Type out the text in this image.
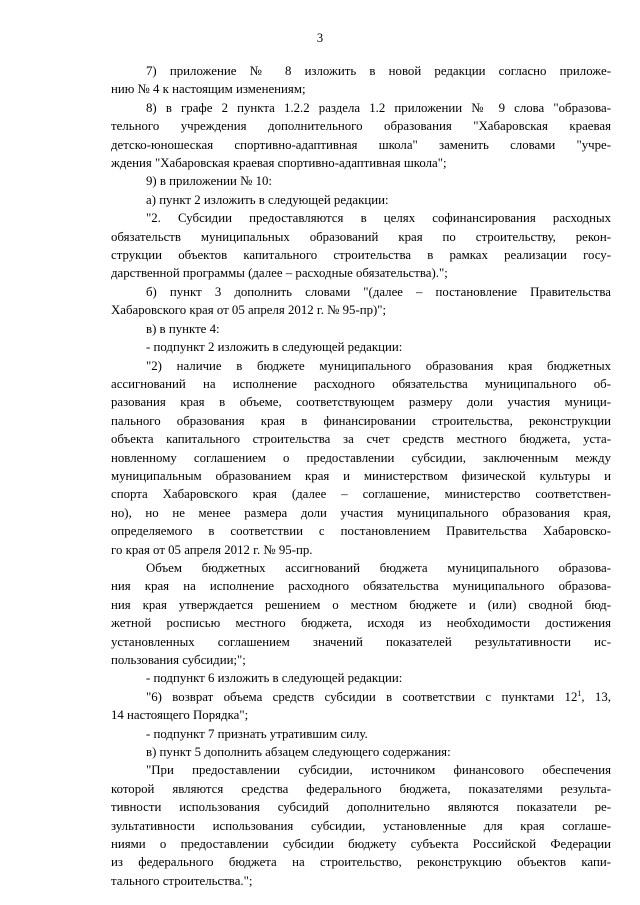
3
7) приложение № 8 изложить в новой редакции согласно приложе-
нию № 4 к настоящим изменениям;
8) в графе 2 пункта 1.2.2 раздела 1.2 приложении № 9 слова "образова-
тельного учреждения дополнительного образования "Хабаровская краевая
детско-юношеская спортивно-адаптивная школа" заменить словами "учре-
ждения "Хабаровская краевая спортивно-адаптивная школа";
9) в приложении № 10:
а) пункт 2 изложить в следующей редакции:
"2. Субсидии предоставляются в целях софинансирования расходных
обязательств муниципальных образований края по строительству, рекон-
струкции объектов капитального строительства в рамках реализации госу-
дарственной программы (далее – расходные обязательства).";
б) пункт 3 дополнить словами "(далее – постановление Правительства
Хабаровского края от 05 апреля 2012 г. № 95-пр)";
в) в пункте 4:
- подпункт 2 изложить в следующей редакции:
"2) наличие в бюджете муниципального образования края бюджетных
ассигнований на исполнение расходного обязательства муниципального об-
разования края в объеме, соответствующем размеру доли участия муници-
пального образования края в финансировании строительства, реконструкции
объекта капитального строительства за счет средств местного бюджета, уста-
новленному соглашением о предоставлении субсидии, заключенным между
муниципальным образованием края и министерством физической культуры и
спорта Хабаровского края (далее – соглашение, министерство соответствен-
но), но не менее размера доли участия муниципального образования края,
определяемого в соответствии с постановлением Правительства Хабаровско-
го края от 05 апреля 2012 г. № 95-пр.
Объем бюджетных ассигнований бюджета муниципального образова-
ния края на исполнение расходного обязательства муниципального образова-
ния края утверждается решением о местном бюджете и (или) сводной бюд-
жетной росписью местного бюджета, исходя из необходимости достижения
установленных соглашением значений показателей результативности ис-
пользования субсидии;";
- подпункт 6 изложить в следующей редакции:
"6) возврат объема средств субсидии в соответствии с пунктами $12^1$, 13,
14 настоящего Порядка";
- подпункт 7 признать утратившим силу.
в) пункт 5 дополнить абзацем следующего содержания:
"При предоставлении субсидии, источником финансового обеспечения
которой являются средства федерального бюджета, показателями результа-
тивности использования субсидий дополнительно являются показатели ре-
зультативности использования субсидии, установленные для края соглаше-
ниями о предоставлении субсидии бюджету субъекта Российской Федерации
из федерального бюджета на строительство, реконструкцию объектов капи-
тального строительства.";
